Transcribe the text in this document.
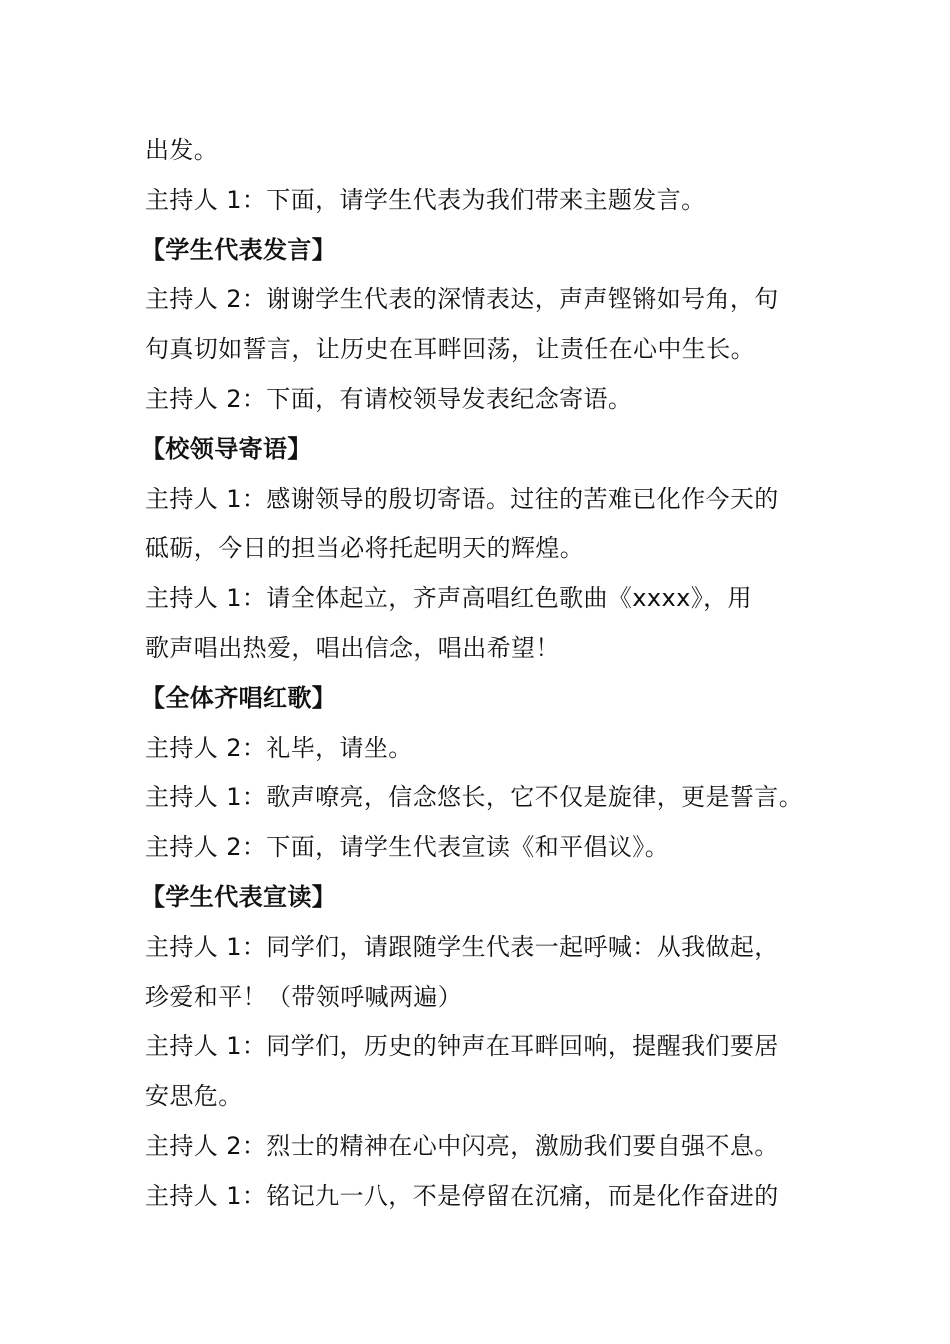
出发。
主持人 1：下面，请学生代表为我们带来主题发言。
【学生代表发言】
主持人 2：谢谢学生代表的深情表达，声声铿锵如号角，句
句真切如誓言，让历史在耳畔回荡，让责任在心中生长。
主持人 2：下面，有请校领导发表纪念寄语。
【校领导寄语】
主持人 1：感谢领导的殷切寄语。过往的苦难已化作今天的
砥砺，今日的担当必将托起明天的辉煌。
主持人 1：请全体起立，齐声高唱红色歌曲《xxxx》，用
歌声唱出热爱，唱出信念，唱出希望！
【全体齐唱红歌】
主持人 2：礼毕，请坐。
主持人 1：歌声嘹亮，信念悠长，它不仅是旋律，更是誓言。
主持人 2：下面，请学生代表宣读《和平倡议》。
【学生代表宣读】
主持人 1：同学们，请跟随学生代表一起呼喊：从我做起，
珍爱和平！（带领呼喊两遍）
主持人 1：同学们，历史的钟声在耳畔回响，提醒我们要居
安思危。
主持人 2：烈士的精神在心中闪亮，激励我们要自强不息。
主持人 1：铭记九一八，不是停留在沉痛，而是化作奋进的
